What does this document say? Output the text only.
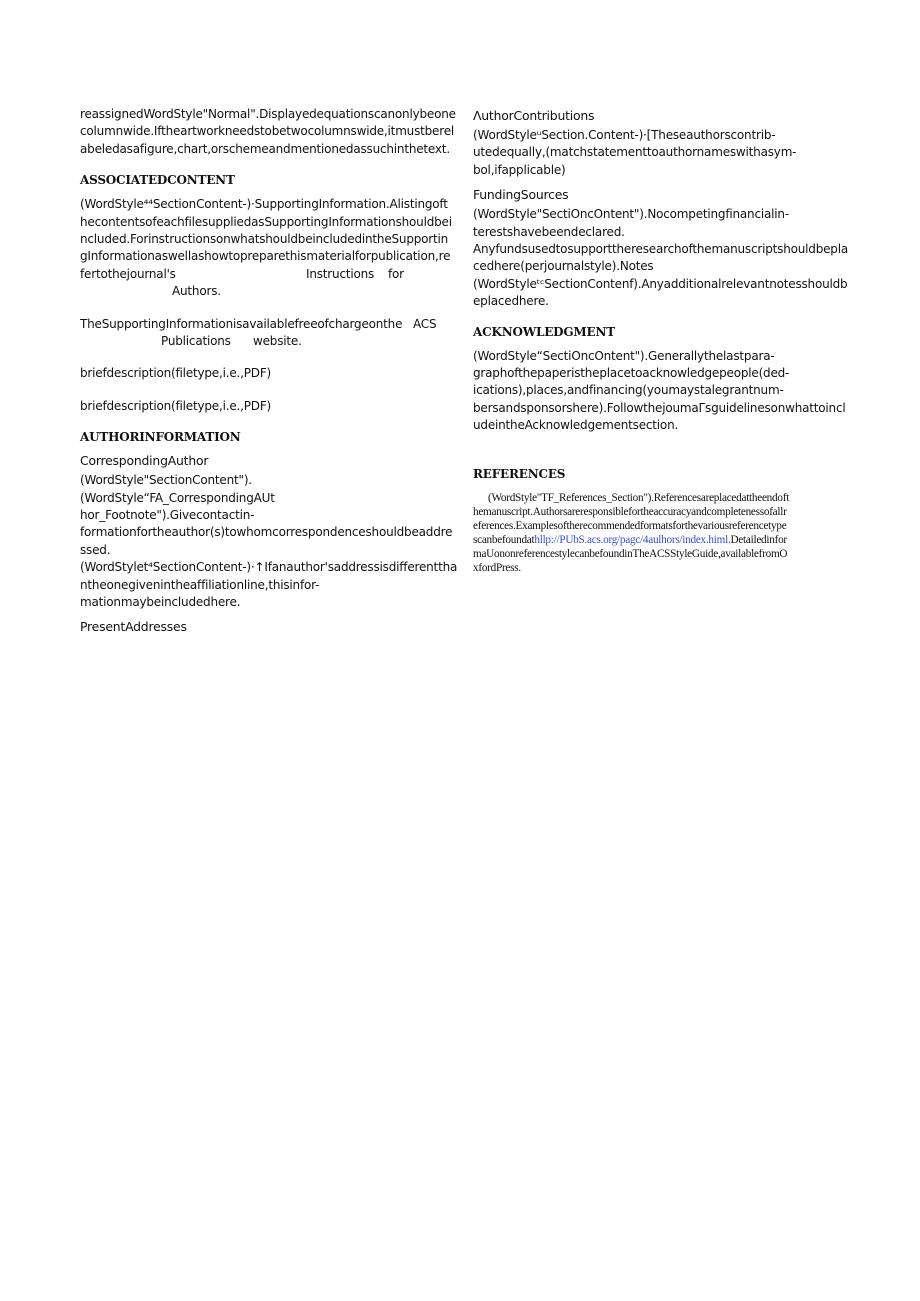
reassignedWordStyle"Normal".Displayedequationscanonlybeone
columnwide.Iftheartworkneedstobetwocolumnswide,itmustberel
abeledasafigure,chart,orschemeandmentionedassuchinthetext.

ASSOCIATEDCONTENT

(WordStyle⁴⁴SectionContent-)·SupportingInformation.Alistingoft
hecontentsofeachfilesuppliedasSupportingInformationshouldbei
ncluded.ForinstructionsonwhatshouldbeincludedintheSupportin
gInformationaswellashowtopreparethismaterialforpublication,re
fertothejournal's	Instructions for
Authors.

TheSupportingInformationisavailablefreeofchargeonthe ACS
Publications website.

briefdescription(filetype,i.e.,PDF)

briefdescription(filetype,i.e.,PDF)

AUTHORINFORMATION

CorrespondingAuthor

(WordStyle"SectionContent").(WordStyle“FA_CorrespondingAUt
hor_Footnote").Givecontactin-
formationfortheauthor(s)towhomcorrespondenceshouldbeaddre
ssed.
(WordStylet⁴SectionContent-)·↑Ifanauthor'saddressisdifferenttha
ntheonegivenintheaffiliationline,thisinfor-
mationmaybeincludedhere.

PresentAddresses

ΛuthorContributions

(WordStyleᵘSection.Content-)·[Theseauthorscontrib-
utedequally,(matchstatementtoauthornameswithasym-
bol,ifapplicable)

FundingSources

(WordStyle"SectiOncOntent").Nocompetingfinancialin-
terestshavebeendeclared.
Anyfundsusedtosupporttheresearchofthemanuscriptshouldbepla
cedhere(perjournalstyle).Notes
(WordStyleᵗᶜSectionContenf).Anyadditionalrelevantnotesshouldb
eplacedhere.

ACKNOWLEDGMENT

(WordStyle“SectiOncOntent").Generallythelastpara-
graphofthepaperistheplacetoacknowledgepeople(ded-
ications),places,andfinancing(youmaystalegrantnum-
bersandsponsorshere).FollowthejoumaΓsguidelinesonwhattoincl
udeintheAcknowledgementsection.

REFERENCES
(WordStyle"TF_References_Section").Referencesareplacedattheendoft
hemanuscript.Authorsareresponsiblefortheaccuracyandcompletenessofallr
eferences.Examplesoftherecommendedformatsforthevariousreferencetype
scanbefoundathllp://PUbS.acs.org/pagc/4aulhors/index.himl.Detailedinfor
maUononreferencestylecanbefoundinTheACSStyleGuide,availablefromO
xfordPress.
